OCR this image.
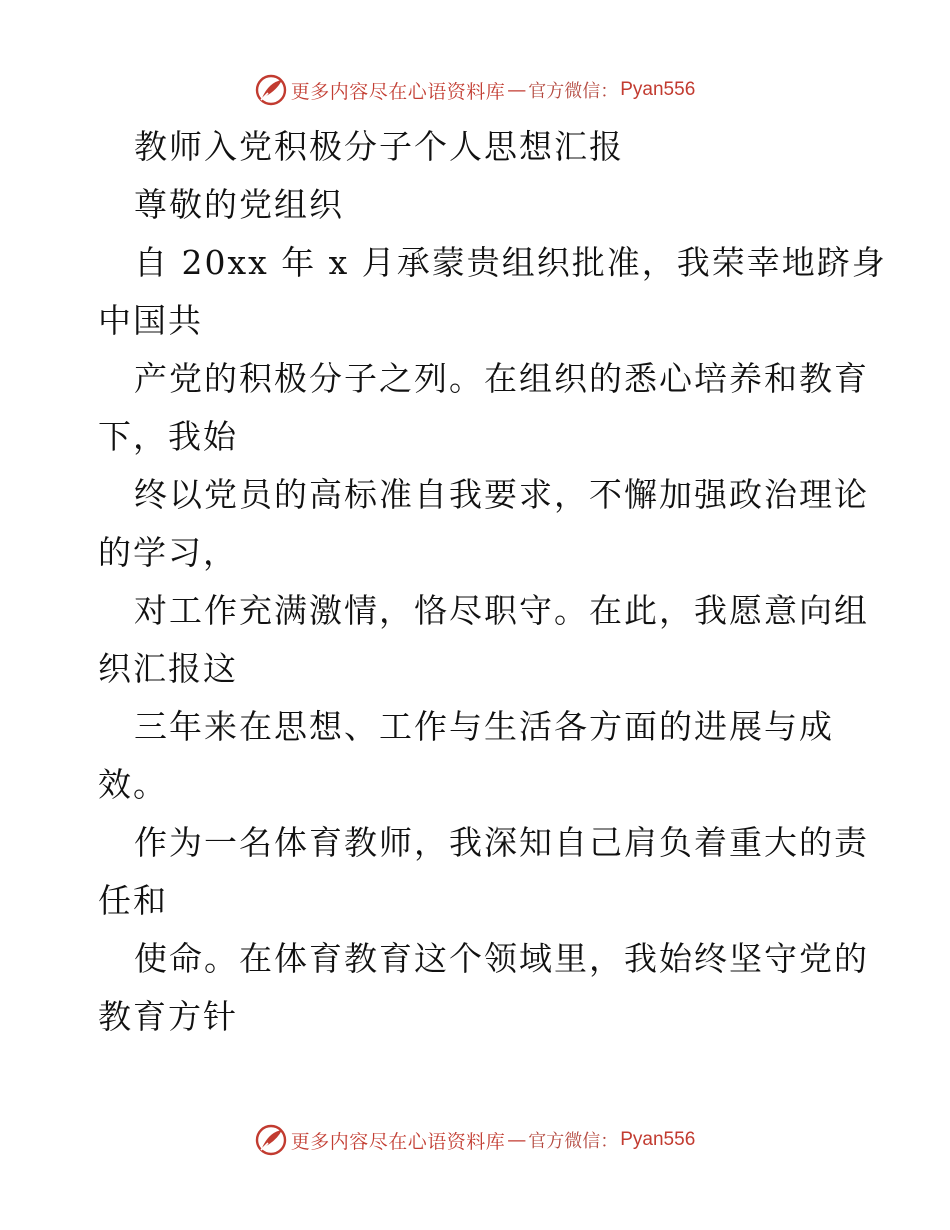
更多内容尽在心语资料库 — 官方微信： Pyan556
教师入党积极分子个人思想汇报
尊敬的党组织
自 20xx 年 x 月承蒙贵组织批准，我荣幸地跻身
中国共
产党的积极分子之列。在组织的悉心培养和教育
下，我始
终以党员的高标准自我要求，不懈加强政治理论
的学习，
对工作充满激情，恪尽职守。在此，我愿意向组
织汇报这
三年来在思想、工作与生活各方面的进展与成
效。
作为一名体育教师，我深知自己肩负着重大的责
任和
使命。在体育教育这个领域里，我始终坚守党的
教育方针
更多内容尽在心语资料库 — 官方微信： Pyan556
